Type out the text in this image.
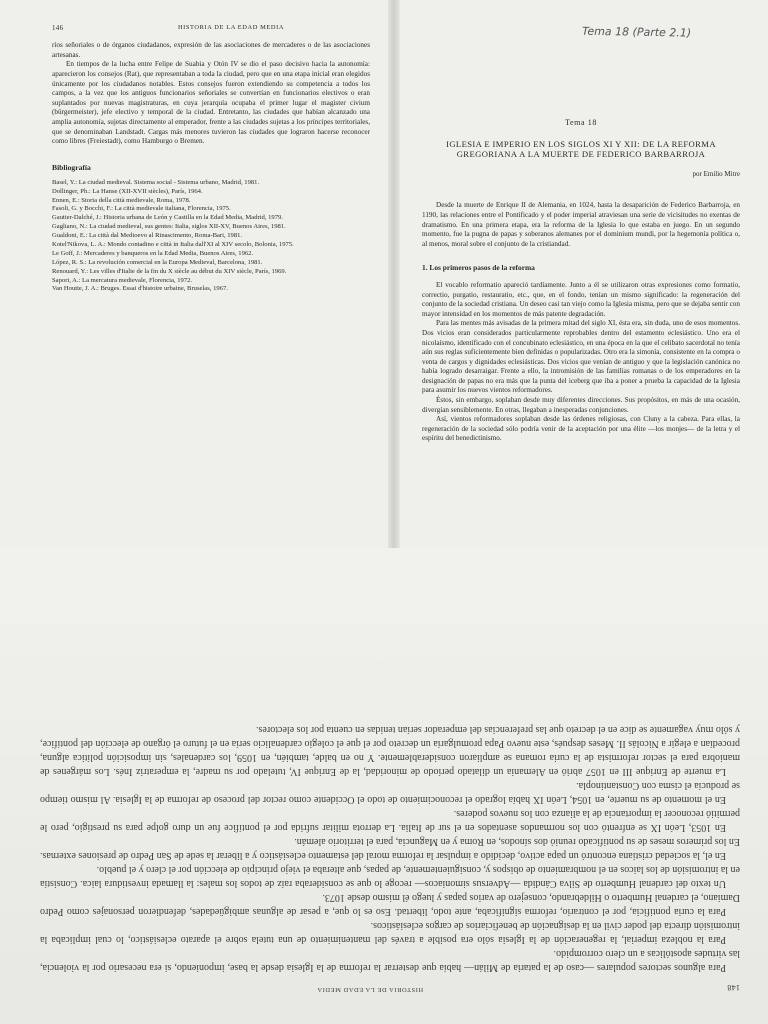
146	HISTORIA DE LA EDAD MEDIA

ríos señoriales o de órganos ciudadanos, expresión de las asociaciones de mercaderes o de las asociaciones artesanas.

En tiempos de la lucha entre Felipe de Suabia y Otón IV se dio el paso decisivo hacia la autonomía: aparecieron los consejos (Rat), que representaban a toda la ciudad, pero que en una etapa inicial eran elegidos únicamente por los ciudadanos notables. Estos consejos fueron extendiendo su competencia a todos los campos, a la vez que los antiguos funcionarios señoriales se convertían en funcionarios electivos o eran suplantados por nuevas magistraturas, en cuya jerarquía ocupaba el primer lugar el magister civium (bürgermeister), jefe electivo y temporal de la ciudad. Entretanto, las ciudades que habían alcanzado una amplia autonomía, sujetas directamente al emperador, frente a las ciudades sujetas a los príncipes territoriales, que se denominaban Landstadt. Cargas más menores tuvieron las ciudades que lograron hacerse reconocer como libres (Freiestadt), como Hamburgo o Bremen.

Bibliografía
Basel, Y.: La ciudad medieval. Sistema social - Sistema urbano, Madrid, 1981.
Dollinger, Ph.: La Hanse (XII-XVII siècles), París, 1964.
Ennen, E.: Storia della città medievale, Roma, 1978.
Fasoli, G. y Bocchi, F.: La città medievale italiana, Florencia, 1975.
Gautier-Dalché, J.: Historia urbana de León y Castilla en la Edad Media, Madrid, 1979.
Gagliano, N.: La ciudad medieval, sus gentes: Italia, siglos XII-XV, Buenos Aires, 1981.
Gualdoni, E.: La città dal Medioevo al Rinascimento, Roma-Bari, 1981.
Kotel'Nikova, L. A.: Mondo contadino e città in Italia dall'XI al XIV secolo, Bolonia, 1975.
Le Goff, J.: Mercaderes y banqueros en la Edad Media, Buenos Aires, 1962.
López, R. S.: La revolución comercial en la Europa Medieval, Barcelona, 1981.
Renouard, Y.: Les villes d'Italie de la fin du X siècle au début du XIV siècle, París, 1969.
Sapori, A.: La mercatura medievale, Florencia, 1972.
Van Houtte, J. A.: Bruges. Essai d'histoire urbaine, Bruselas, 1967.
Tema 18 (Parte 2.1)
Tema 18
IGLESIA E IMPERIO EN LOS SIGLOS XI Y XII: DE LA REFORMA GREGORIANA A LA MUERTE DE FEDERICO BARBARROJA
por Emilio Mitre

Desde la muerte de Enrique II de Alemania, en 1024, hasta la desaparición de Federico Barbarroja, en 1190, las relaciones entre el Pontificado y el poder imperial atraviesan una serie de vicisitudes no exentas de dramatismo. En una primera etapa, era la reforma de la Iglesia lo que estaba en juego. En un segundo momento, fue la pugna de papas y soberanos alemanes por el dominium mundi, por la hegemonía política o, al menos, moral sobre el conjunto de la cristiandad.

1. Los primeros pasos de la reforma

El vocablo reformatio apareció tardíamente. Junto a él se utilizaron otras expresiones como formatio, correctio, purgatio, restauratio, etc., que, en el fondo, tenían un mismo significado: la regeneración del conjunto de la sociedad cristiana. Un deseo casi tan viejo como la Iglesia misma, pero que se dejaba sentir con mayor intensidad en los momentos de más patente degradación.

Para las mentes más avisadas de la primera mitad del siglo XI, ésta era, sin duda, uno de esos momentos. Dos vicios eran considerados particularmente reprobables dentro del estamento eclesiástico. Uno era el nicolaísmo, identificado con el concubinato eclesiástico, en una época en la que el celibato sacerdotal no tenía aún sus reglas suficientemente bien definidas o popularizadas. Otro era la simonía, consistente en la compra o venta de cargos y dignidades eclesiásticas. Dos vicios que venían de antiguo y que la legislación canónica no había logrado desarraigar. Frente a ello, la intromisión de las familias romanas o de los emperadores en la designación de papas no era más que la punta del iceberg que iba a poner a prueba la capacidad de la Iglesia para asumir los nuevos vientos reformadores.

Éstos, sin embargo, soplaban desde muy diferentes direcciones. Sus propósitos, en más de una ocasión, divergían sensiblemente. En otras, llegaban a inesperadas conjunciones.

Así, vientos reformadores soplaban desde las órdenes religiosas, con Cluny a la cabeza. Para ellas, la regeneración de la sociedad sólo podría venir de la aceptación por una élite —los monjes— de la letra y el espíritu del benedictinismo.

148
HISTORIA DE LA EDAD MEDIA

Para algunos sectores populares —caso de la pataria de Milán— había que desterrar la reforma de la Iglesia desde la base, imponiendo, si era necesario por la violencia, las virtudes apostólicas a un clero corrompido.

Para la nobleza imperial, la regeneración de la Iglesia sólo era posible a través del mantenimiento de una tutela sobre el aparato eclesiástico, lo cual implicaba la intromisión directa del poder civil en la designación de beneficiarios de cargos eclesiásticos.

Para la curia pontificia, por el contrario, reforma significaba, ante todo, libertad. Eso es lo que, a pesar de algunas ambigüedades, defendieron personajes como Pedro Damiano, el cardenal Humberto o Hildebrando, consejero de varios papas y luego él mismo desde 1073.

Un texto del cardenal Humberto de Silva Cándida —Adversus simoniacos— recoge lo que se consideraba raíz de todos los males: la llamada investidura laica. Consistía en la intromisión de los laicos en el nombramiento de obispos y, consiguientemente, de papas, que alteraba el viejo principio de elección por el clero y el pueblo.

En el, la sociedad cristiana encontró un papa activo, decidido a impulsar la reforma moral del estamento eclesiástico y a liberar la sede de San Pedro de presiones externas. En los primeros meses de su pontificado reunió dos sínodos, en Roma y en Maguncia, para el territorio alemán.

En 1053, León IX se enfrentó con los normandos asentados en el sur de Italia. La derrota militar sufrida por el pontífice fue un duro golpe para su prestigio, pero le permitió reconocer la importancia de la alianza con los nuevos poderes.

En el momento de su muerte, en 1054, León IX había logrado el reconocimiento de todo el Occidente como rector del proceso de reforma de la Iglesia. Al mismo tiempo se producía el cisma con Constantinopla.

La muerte de Enrique III en 1057 abrió en Alemania un dilatado período de minoridad, la de Enrique IV, tutelado por su madre, la emperatriz Inés. Los márgenes de maniobra para el sector reformista de la curia romana se ampliaron considerablemente. Y no en balde, también, en 1059, los cardenales, sin imposición política alguna, procedían a elegir a Nicolás II. Meses después, este nuevo Papa promulgaría un decreto por el que el colegio cardenalicio sería en el futuro el órgano de elección del pontífice, y sólo muy vagamente se dice en el decreto que las preferencias del emperador serían tenidas en cuenta por los electores.
